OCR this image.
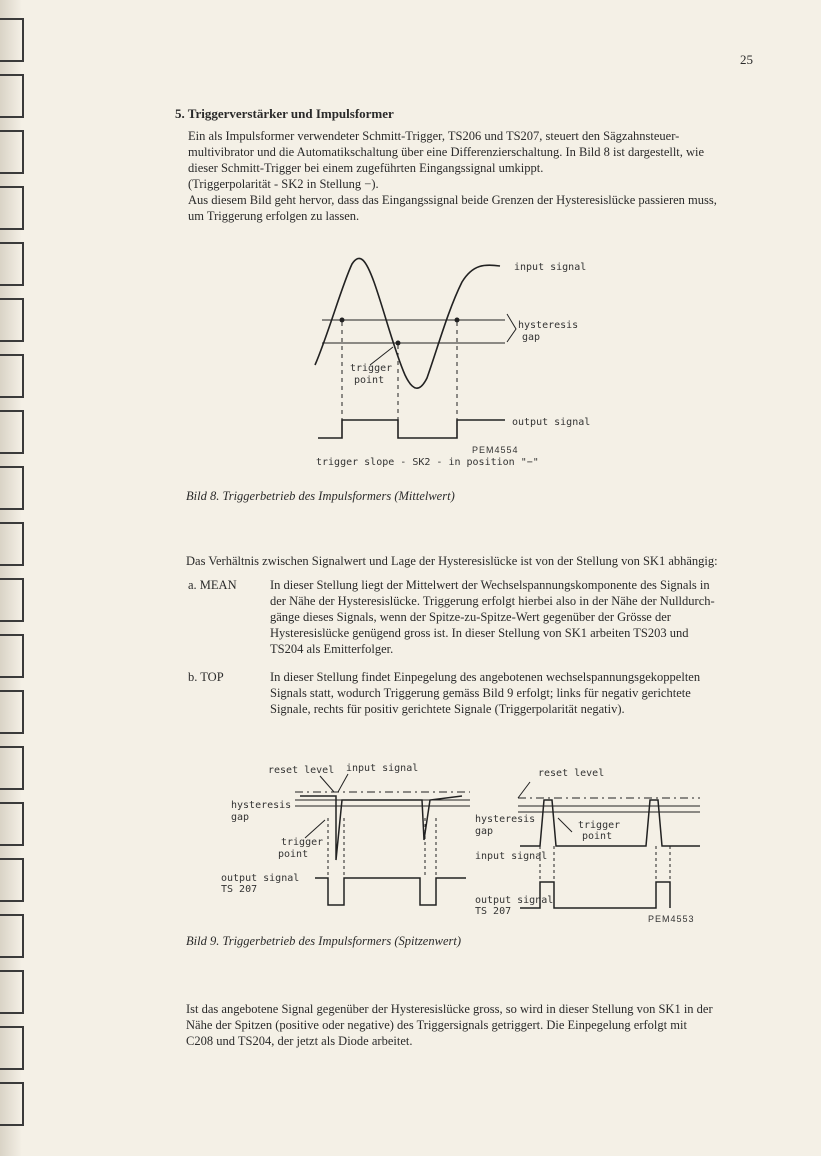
25
5. Triggerverstärker und Impulsformer
Ein als Impulsformer verwendeter Schmitt-Trigger, TS206 und TS207, steuert den Sägzahnsteuer-
multivibrator und die Automatikschaltung über eine Differenzierschaltung. In Bild 8 ist dargestellt, wie
dieser Schmitt-Trigger bei einem zugeführten Eingangssignal umkippt.
(Triggerpolarität - SK2 in Stellung −).
Aus diesem Bild geht hervor, dass das Eingangssignal beide Grenzen der Hysteresislücke passieren muss,
um Triggerung erfolgen zu lassen.
input signal
hysteresis
gap
trigger
point
output signal
PEM4554
trigger slope - SK2 - in position "−"
Bild 8. Triggerbetrieb des Impulsformers (Mittelwert)
Das Verhältnis zwischen Signalwert und Lage der Hysteresislücke ist von der Stellung von SK1 abhängig:
a. MEAN	In dieser Stellung liegt der Mittelwert der Wechselspannungskomponente des Signals in
der Nähe der Hysteresislücke. Triggerung erfolgt hierbei also in der Nähe der Nulldurch-
gänge dieses Signals, wenn der Spitze-zu-Spitze-Wert gegenüber der Grösse der
Hysteresislücke genügend gross ist. In dieser Stellung von SK1 arbeiten TS203 und
TS204 als Emitterfolger.
b. TOP	In dieser Stellung findet Einpegelung des angebotenen wechselspannungsgekoppelten
Signals statt, wodurch Triggerung gemäss Bild 9 erfolgt; links für negativ gerichtete
Signale, rechts für positiv gerichtete Signale (Triggerpolarität negativ).
reset level input signal
hysteresis
gap
trigger
point
output signal
TS 207
reset level
hysteresis
gap
trigger
point
input signal
output signal
TS 207
PEM4553
Bild 9. Triggerbetrieb des Impulsformers (Spitzenwert)
Ist das angebotene Signal gegenüber der Hysteresislücke gross, so wird in dieser Stellung von SK1 in der
Nähe der Spitzen (positive oder negative) des Triggersignals getriggert. Die Einpegelung erfolgt mit
C208 und TS204, der jetzt als Diode arbeitet.
